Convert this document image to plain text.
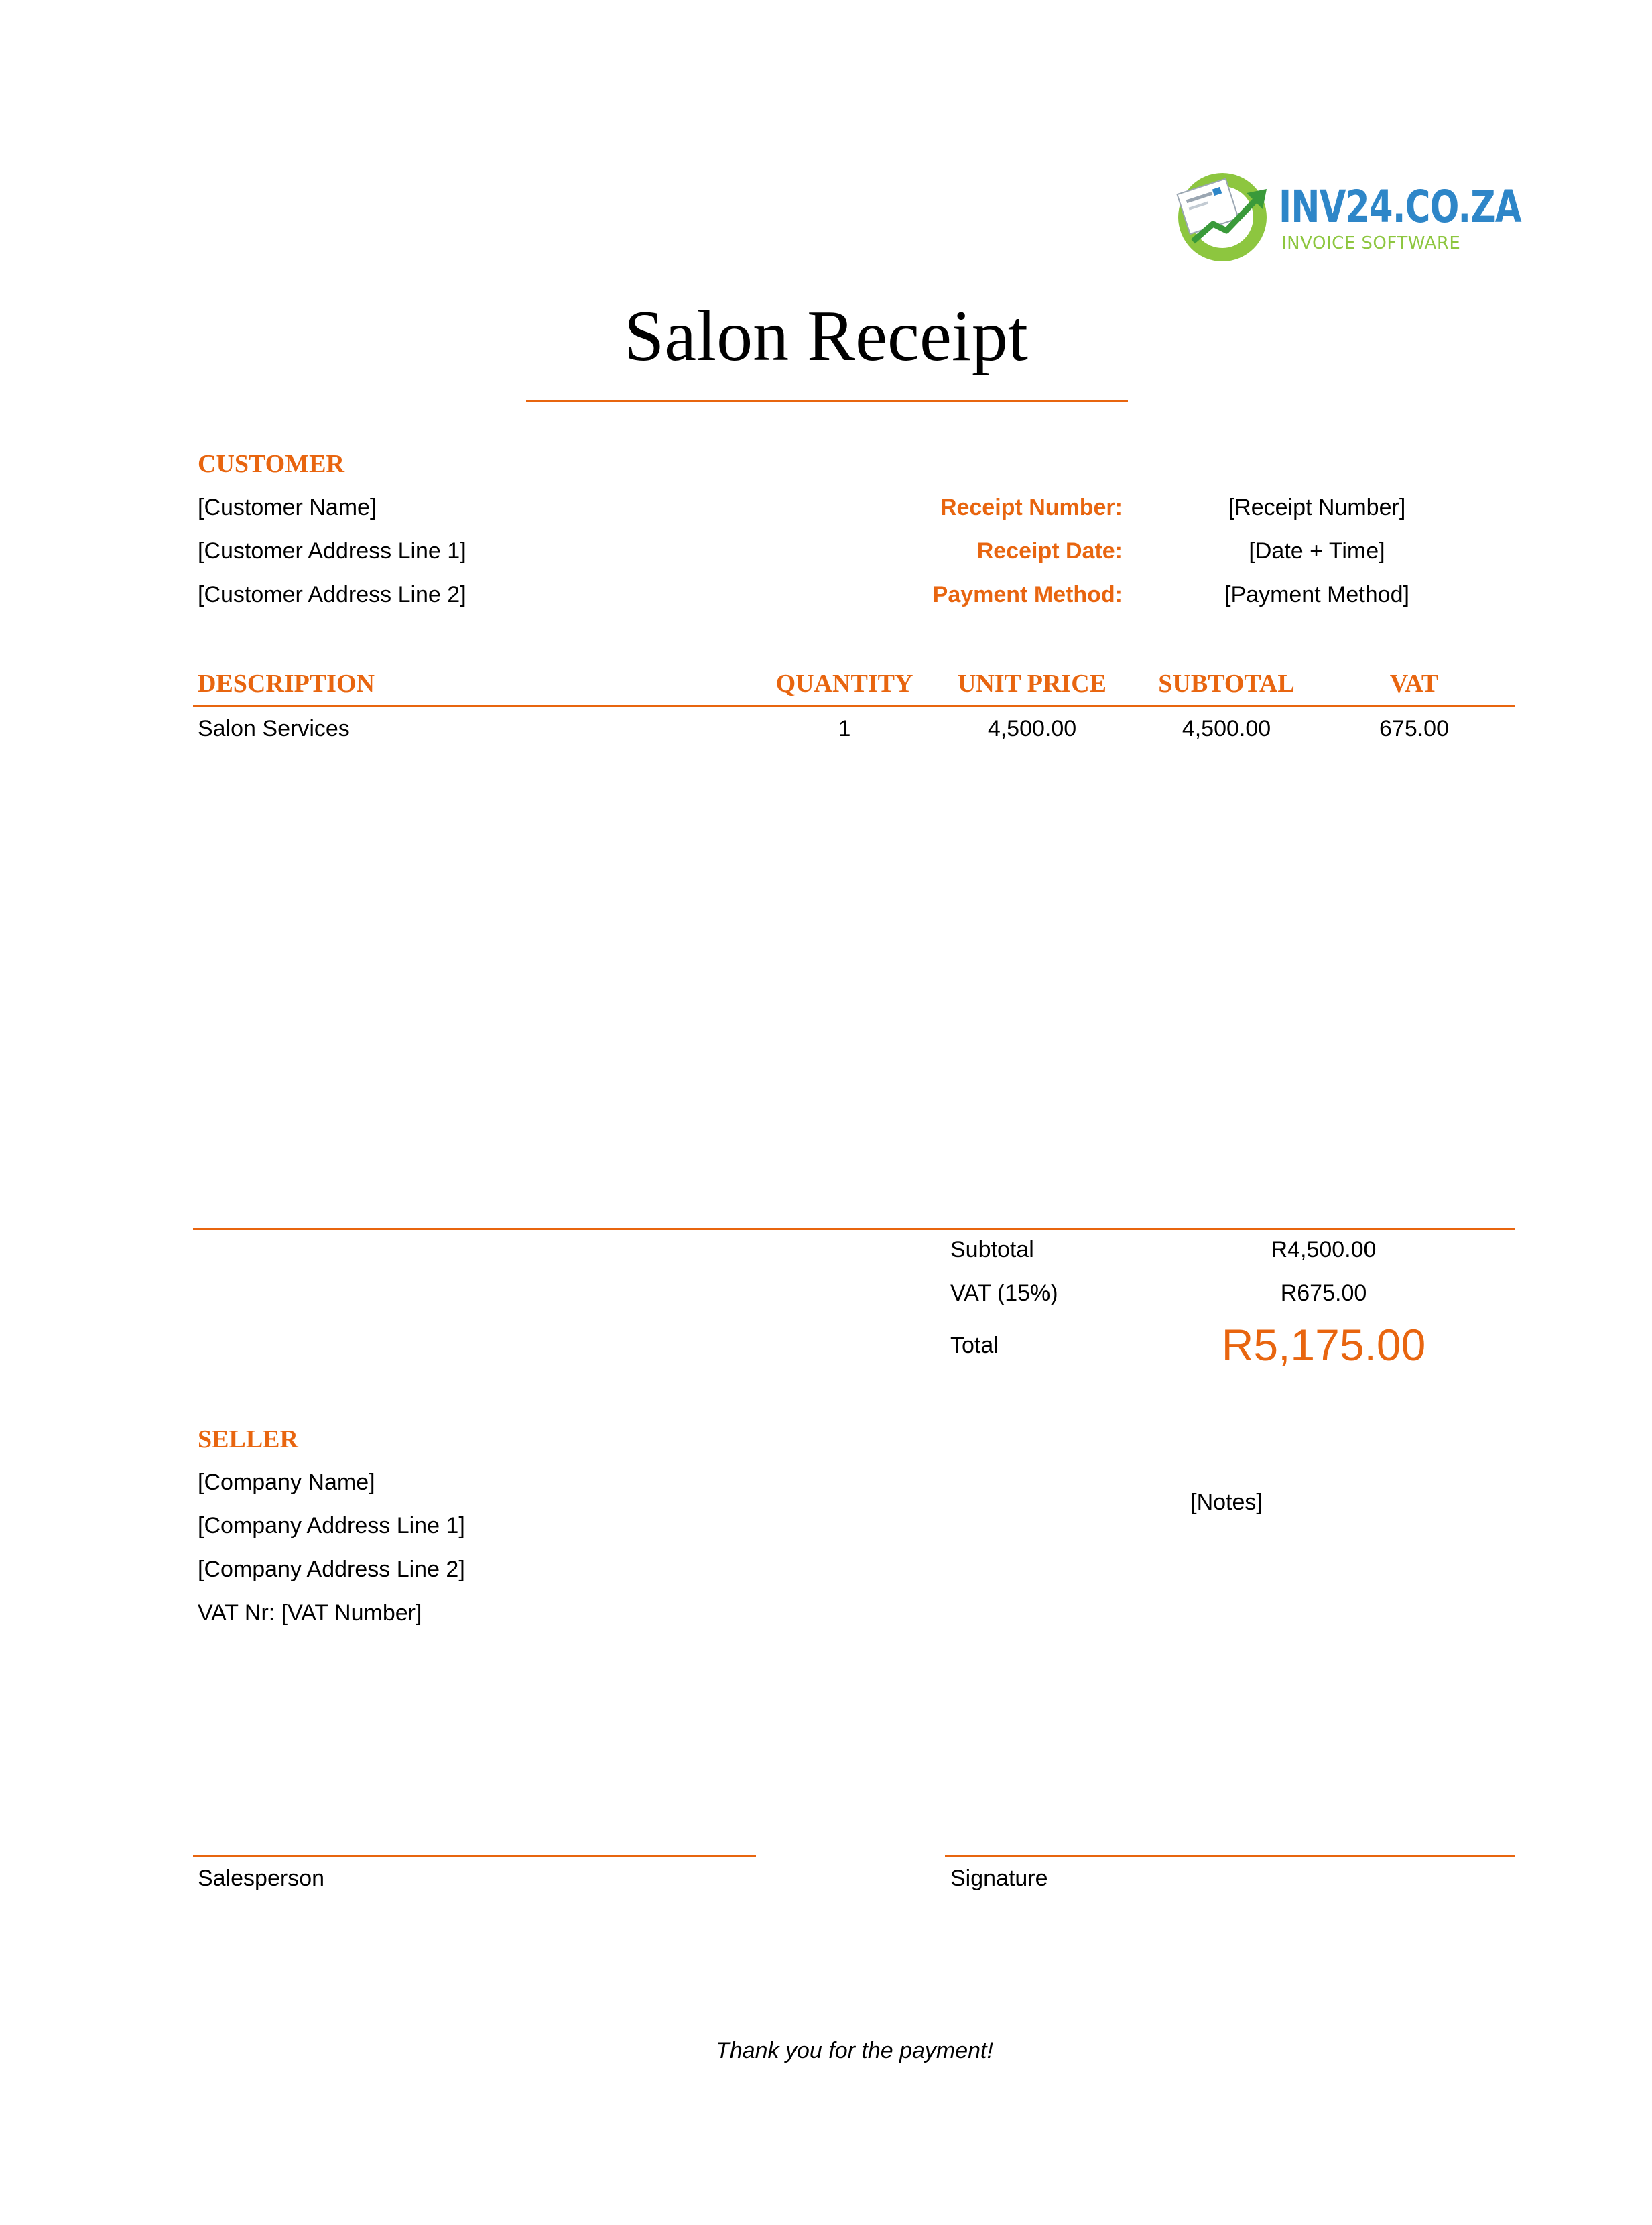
INV24.CO.ZA
INVOICE SOFTWARE
Salon Receipt
CUSTOMER
[Customer Name]
[Customer Address Line 1]
[Customer Address Line 2]
Receipt Number:	[Receipt Number]
Receipt Date:	[Date + Time]
Payment Method:	[Payment Method]
DESCRIPTION	QUANTITY	UNIT PRICE	SUBTOTAL	VAT
Salon Services	1	4,500.00	4,500.00	675.00
Subtotal	R4,500.00
VAT (15%)	R675.00
Total	R5,175.00
SELLER
[Company Name]
[Company Address Line 1]
[Company Address Line 2]
VAT Nr: [VAT Number]
[Notes]
Salesperson	Signature
Thank you for the payment!
